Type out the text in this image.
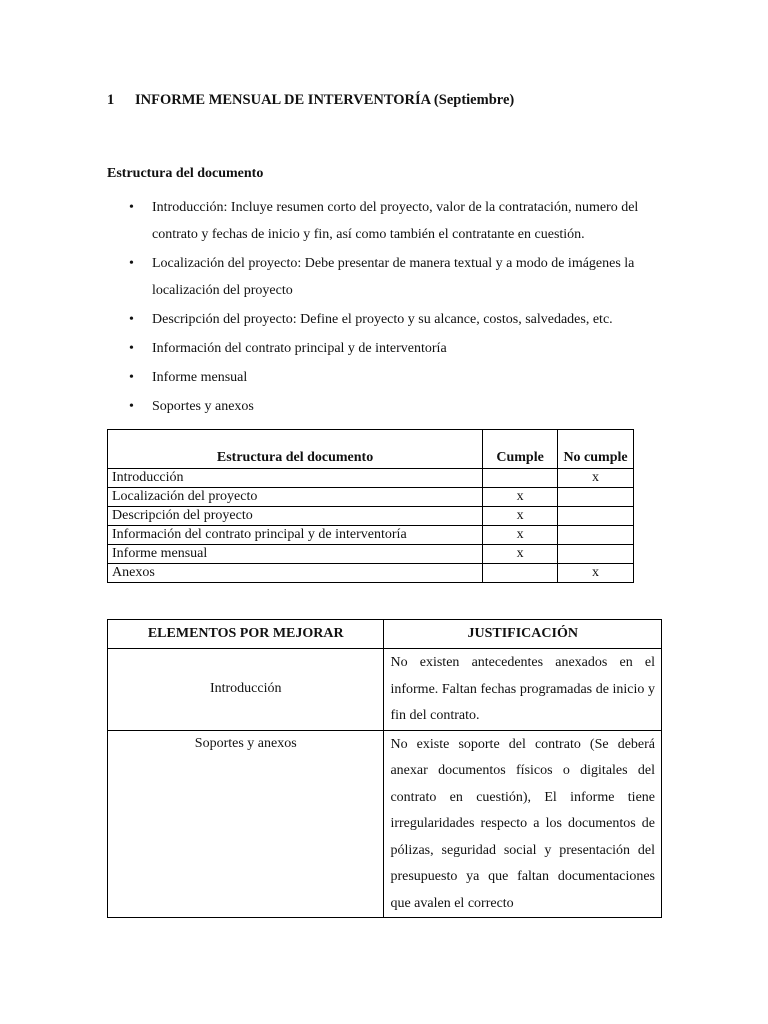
1 INFORME MENSUAL DE INTERVENTORÍA (Septiembre)
Estructura del documento
• Introducción: Incluye resumen corto del proyecto, valor de la contratación, numero del contrato y fechas de inicio y fin, así como también el contratante en cuestión.
• Localización del proyecto: Debe presentar de manera textual y a modo de imágenes la localización del proyecto
• Descripción del proyecto: Define el proyecto y su alcance, costos, salvedades, etc.
• Información del contrato principal y de interventoría
• Informe mensual
• Soportes y anexos
Estructura del documento	Cumple	No cumple
Introducción		x
Localización del proyecto	x	
Descripción del proyecto	x	
Información del contrato principal y de interventoría	x	
Informe mensual	x	
Anexos		x
ELEMENTOS POR MEJORAR	JUSTIFICACIÓN
Introducción	No existen antecedentes anexados en el informe. Faltan fechas programadas de inicio y fin del contrato.
Soportes y anexos	No existe soporte del contrato (Se deberá anexar documentos físicos o digitales del contrato en cuestión), El informe tiene irregularidades respecto a los documentos de pólizas, seguridad social y presentación del presupuesto ya que faltan documentaciones que avalen el correcto
